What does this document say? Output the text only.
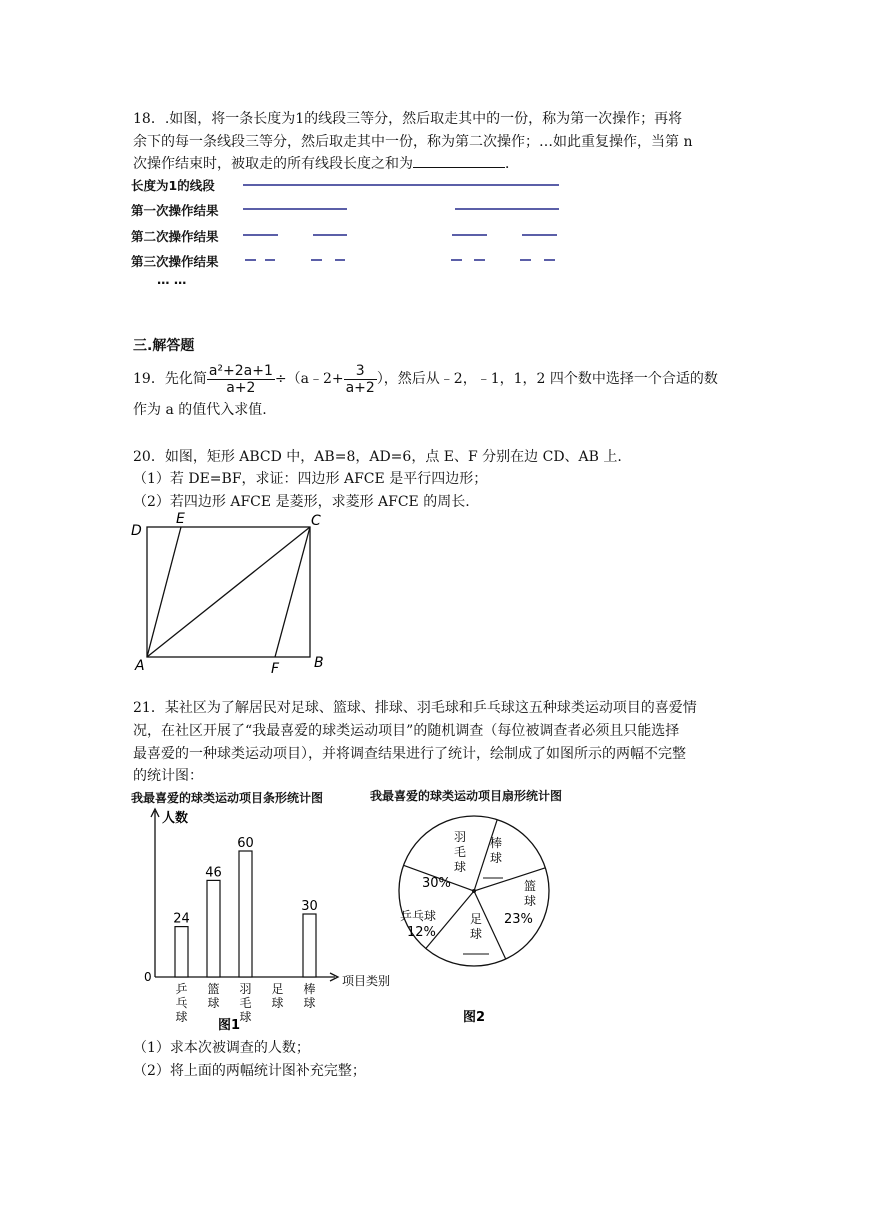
18．.如图，将一条长度为1的线段三等分，然后取走其中的一份，称为第一次操作；再将
余下的每一条线段三等分，然后取走其中一份，称为第二次操作；…如此重复操作，当第 n
次操作结束时，被取走的所有线段长度之和为	．
长度为1的线段
第一次操作结果
第二次操作结果
第三次操作结果
… …
三.解答题
19．先化简 $\frac{\text{a²+2a+1}}{a+2}$ ÷（a﹣2+ $\frac{3}{a+2}$ ），然后从﹣2，﹣1，1，2 四个数中选择一个合适的数
作为 a 的值代入求值.
20．如图，矩形 ABCD 中，AB=8，AD=6，点 E、F 分别在边 CD、AB 上.
（1）若 DE=BF，求证：四边形 AFCE 是平行四边形；
（2）若四边形 AFCE 是菱形，求菱形 AFCE 的周长.
D
E	C
A	F B
21．某社区为了解居民对足球、篮球、排球、羽毛球和乒乓球这五种球类运动项目的喜爱情
况，在社区开展了“我最喜爱的球类运动项目”的随机调查（每位被调查者必须且只能选择
最喜爱的一种球类运动项目），并将调查结果进行了统计，绘制成了如图所示的两幅不完整
的统计图：
我最喜爱的球类运动项目条形统计图	我最喜爱的球类运动项目扇形统计图
人数
项目类别
0
24
乒乓球
46
篮球
60
羽毛球
足球
30
棒球
图1
羽
毛
球
30%
棒
球
篮
球
23%
足
球
乒乓球
12%
图2
（1）求本次被调查的人数；
（2）将上面的两幅统计图补充完整；
